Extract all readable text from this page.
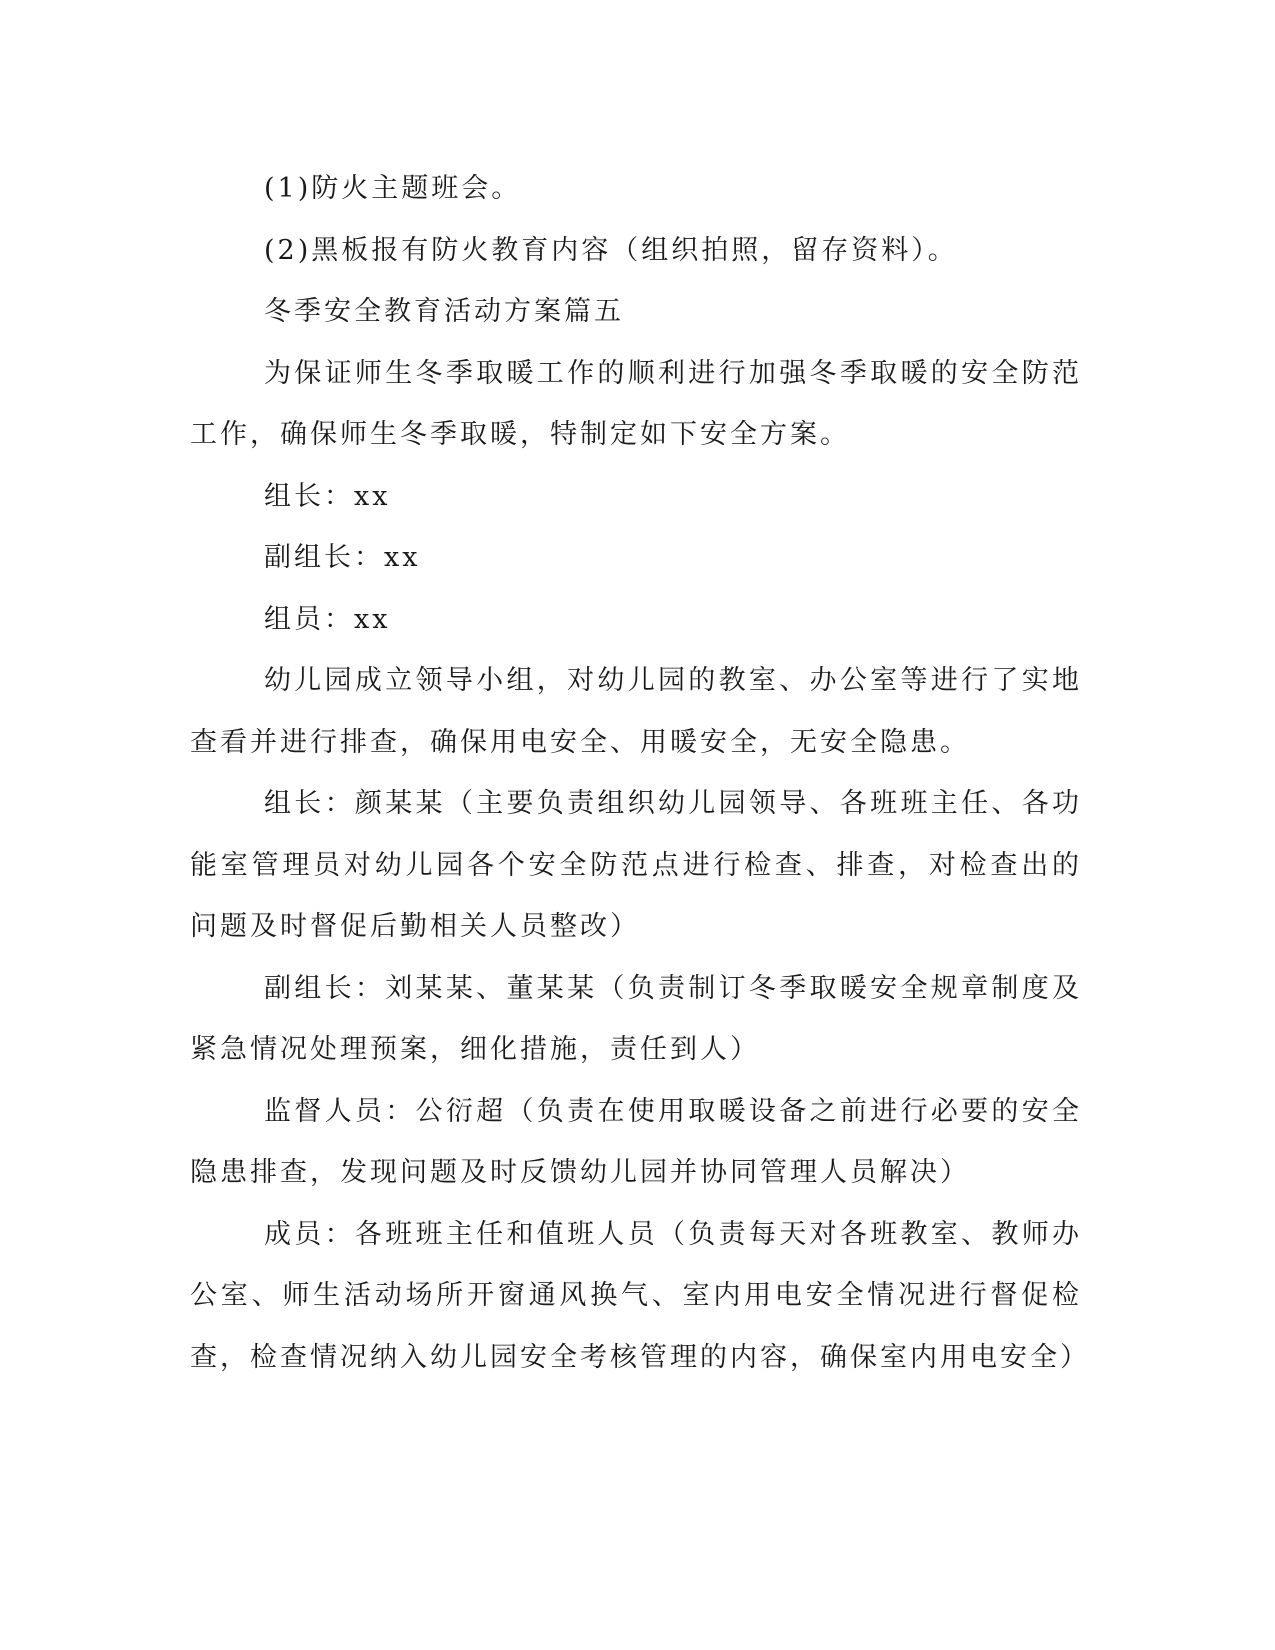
(1)防火主题班会。

(2)黑板报有防火教育内容（组织拍照，留存资料）。

冬季安全教育活动方案篇五

为保证师生冬季取暖工作的顺利进行加强冬季取暖的安全防范工作，确保师生冬季取暖，特制定如下安全方案。

组长：xx

副组长：xx

组员：xx

幼儿园成立领导小组，对幼儿园的教室、办公室等进行了实地查看并进行排查，确保用电安全、用暖安全，无安全隐患。

组长：颜某某（主要负责组织幼儿园领导、各班班主任、各功能室管理员对幼儿园各个安全防范点进行检查、排查，对检查出的问题及时督促后勤相关人员整改）

副组长：刘某某、董某某（负责制订冬季取暖安全规章制度及紧急情况处理预案，细化措施，责任到人）

监督人员：公衍超（负责在使用取暖设备之前进行必要的安全隐患排查，发现问题及时反馈幼儿园并协同管理人员解决）

成员：各班班主任和值班人员（负责每天对各班教室、教师办公室、师生活动场所开窗通风换气、室内用电安全情况进行督促检查，检查情况纳入幼儿园安全考核管理的内容，确保室内用电安全）
